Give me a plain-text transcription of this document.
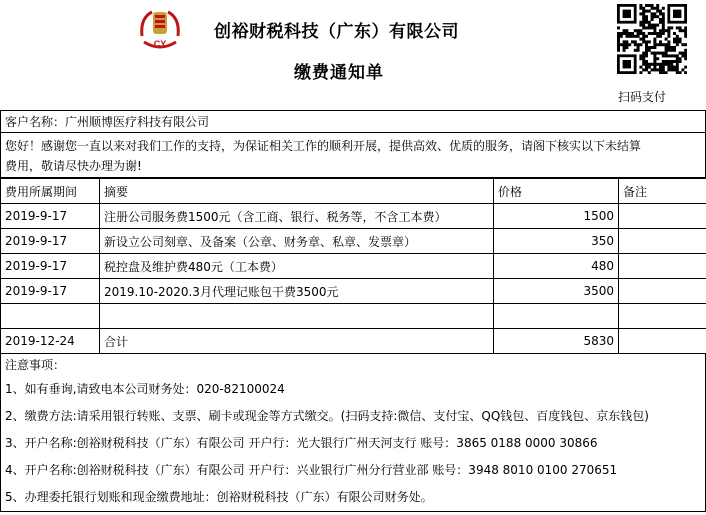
CY
创裕财税科技（广东）有限公司
缴费通知单
扫码支付
客户名称：广州顺博医疗科技有限公司
您好！感谢您一直以来对我们工作的支持，为保证相关工作的顺利开展，提供高效、优质的服务，请阁下核实以下未结算
费用，敬请尽快办理为谢!
费用所属期间	摘要	价格	备注
2019-9-17	注册公司服务费1500元（含工商、银行、税务等，不含工本费）	1500	
2019-9-17	新设立公司刻章、及备案（公章、财务章、私章、发票章）	350	
2019-9-17	税控盘及维护费480元（工本费）	480	
2019-9-17	2019.10-2020.3月代理记账包干费3500元	3500	

2019-12-24	合计	5830	
注意事项：
1、如有垂询,请致电本公司财务处：020-82100024
2、缴费方法:请采用银行转账、支票、刷卡或现金等方式缴交。(扫码支持:微信、支付宝、QQ钱包、百度钱包、京东钱包)
3、开户名称:创裕财税科技（广东）有限公司 开户行：光大银行广州天河支行 账号：3865 0188 0000 30866
4、开户名称:创裕财税科技（广东）有限公司 开户行：兴业银行广州分行营业部 账号：3948 8010 0100 270651
5、办理委托银行划账和现金缴费地址：创裕财税科技（广东）有限公司财务处。
